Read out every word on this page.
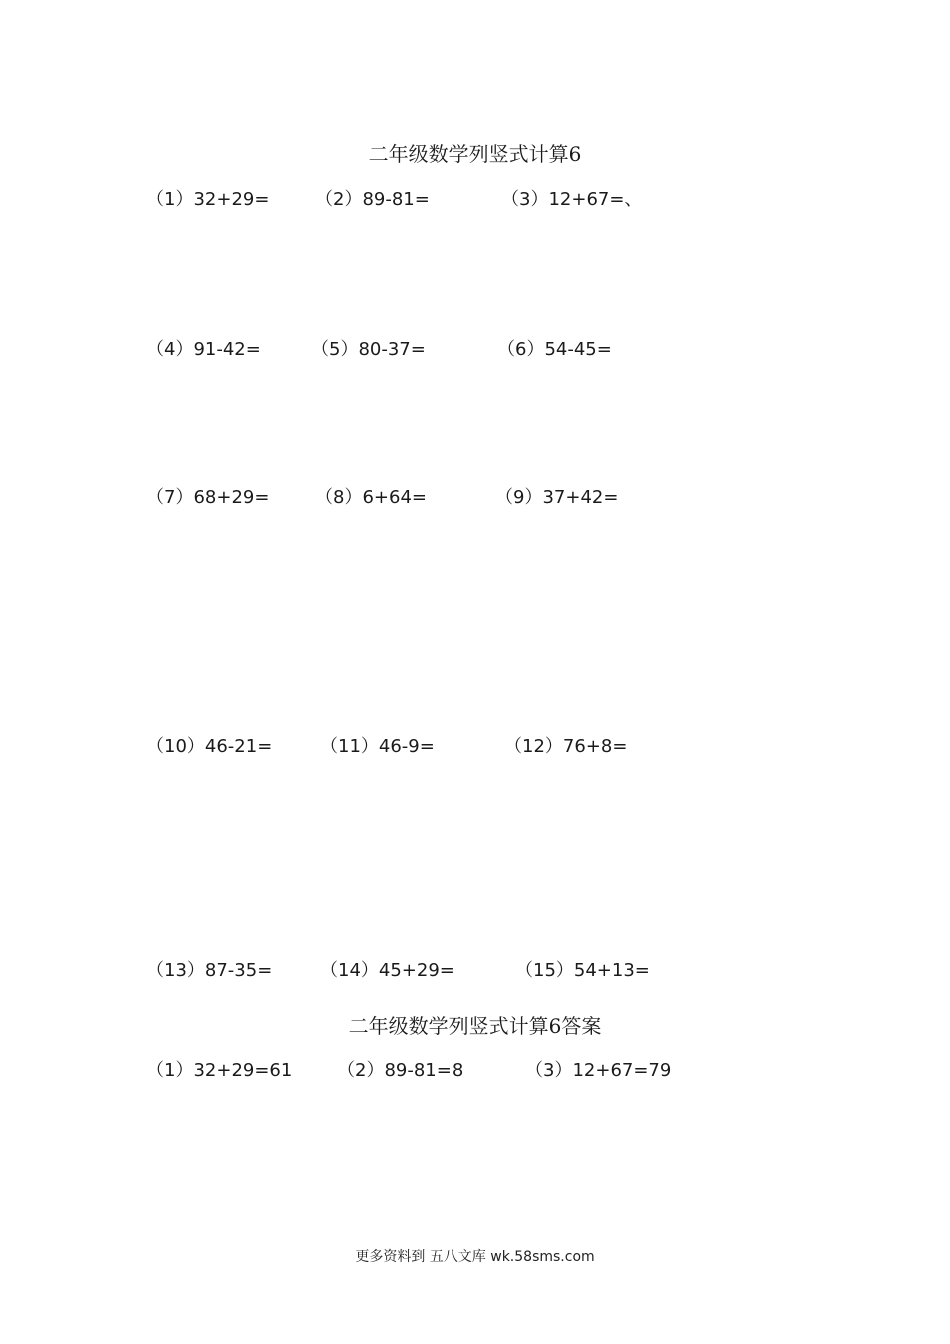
二年级数学列竖式计算6
（1）32+29=	（2）89-81=	（3）12+67=、
（4）91-42=	（5）80-37=	（6）54-45=
（7）68+29=	（8）6+64=	（9）37+42=
（10）46-21=	（11）46-9=	（12）76+8=
（13）87-35=	（14）45+29=	（15）54+13=
二年级数学列竖式计算6答案
（1）32+29=61 （2）89-81=8	（3）12+67=79
更多资料到 五八文库 wk.58sms.com
